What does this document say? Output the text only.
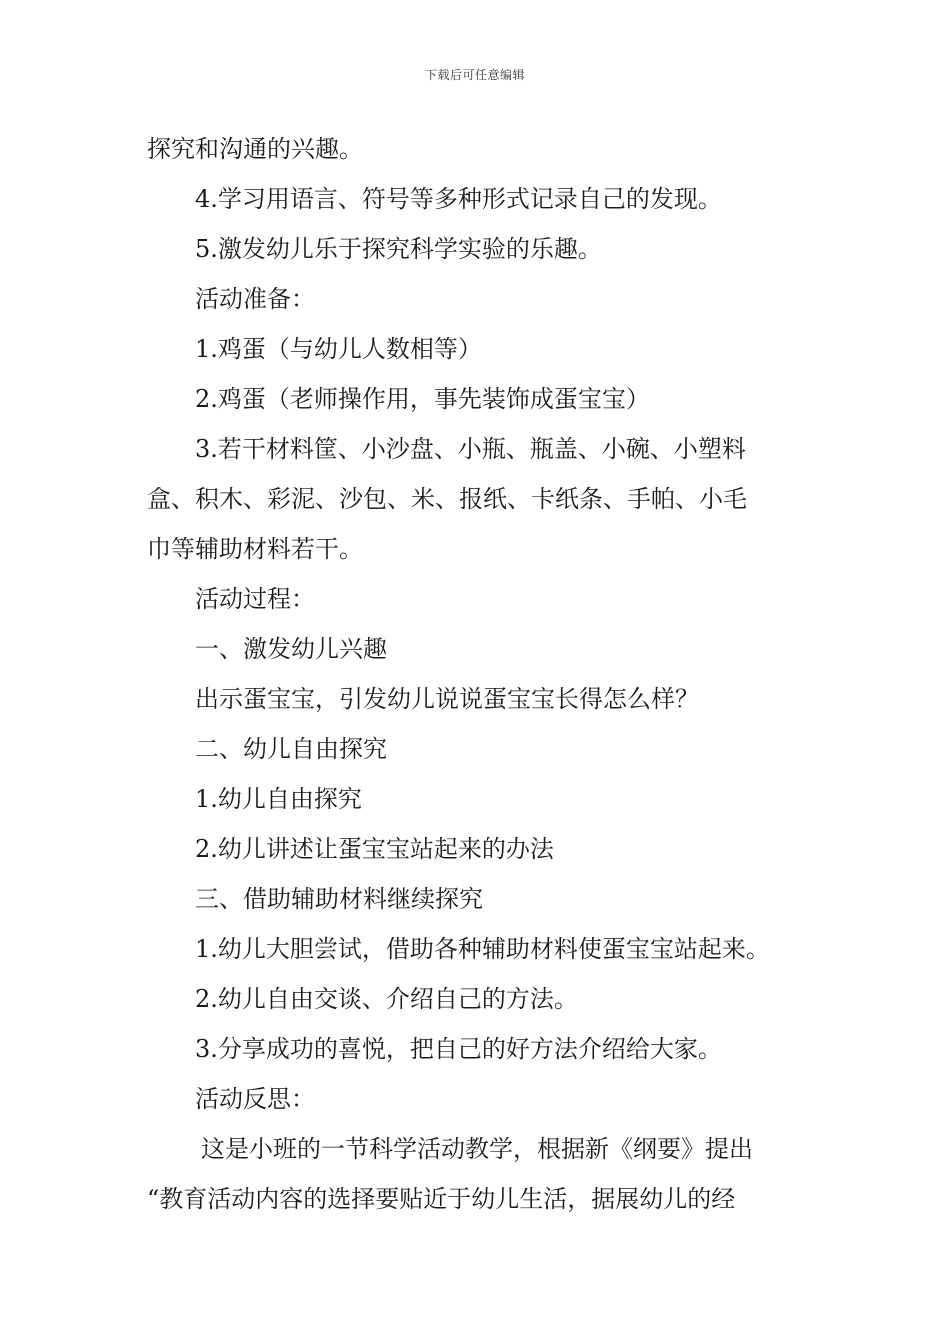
下载后可任意编辑
探究和沟通的兴趣。
4.学习用语言、符号等多种形式记录自己的发现。
5.激发幼儿乐于探究科学实验的乐趣。
活动准备：
1.鸡蛋（与幼儿人数相等）
2.鸡蛋（老师操作用，事先装饰成蛋宝宝）
3.若干材料筐、小沙盘、小瓶、瓶盖、小碗、小塑料
盒、积木、彩泥、沙包、米、报纸、卡纸条、手帕、小毛
巾等辅助材料若干。
活动过程：
一、激发幼儿兴趣
出示蛋宝宝，引发幼儿说说蛋宝宝长得怎么样？
二、幼儿自由探究
1.幼儿自由探究
2.幼儿讲述让蛋宝宝站起来的办法
三、借助辅助材料继续探究
1.幼儿大胆尝试，借助各种辅助材料使蛋宝宝站起来。
2.幼儿自由交谈、介绍自己的方法。
3.分享成功的喜悦，把自己的好方法介绍给大家。
活动反思：
这是小班的一节科学活动教学，根据新《纲要》提出
“教育活动内容的选择要贴近于幼儿生活，据展幼儿的经
